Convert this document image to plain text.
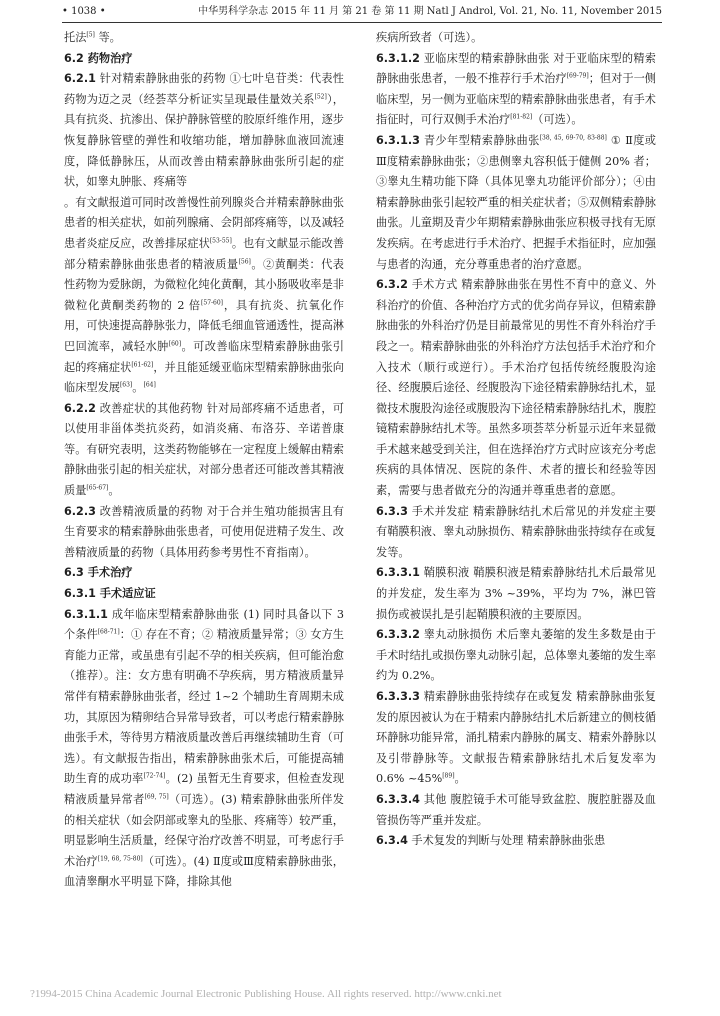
• 1038 •	中华男科学杂志 2015 年 11 月 第 21 卷 第 11 期 Natl J Androl, Vol. 21, No. 11, November 2015

托法[5] 等。

6.2 药物治疗

6.2.1 针对精索静脉曲张的药物 ①七叶皂苷类：代表性药物为迈之灵（经荟萃分析证实呈现最佳量效关系[52]），具有抗炎、抗渗出、保护静脉管壁的胶原纤维作用，逐步恢复静脉管壁的弹性和收缩功能，增加静脉血液回流速度，降低静脉压，从而改善由精索静脉曲张所引起的症状，如睾丸肿胀、疼痛等

。有文献报道可同时改善慢性前列腺炎合并精索静脉曲张患者的相关症状，如前列腺痛、会阴部疼痛等，以及减轻患者炎症反应，改善排尿症状[53-55]。也有文献显示能改善部分精索静脉曲张患者的精液质量[56]。②黄酮类：代表性药物为爱脉朗，为微粒化纯化黄酮，其小肠吸收率是非微粒化黄酮类药物的 2 倍[57-60]，具有抗炎、抗氧化作用，可快速提高静脉张力，降低毛细血管通透性，提高淋巴回流率，减轻水肿[60]。可改善临床型精索静脉曲张引起的疼痛症状[61-62]，并且能延缓亚临床型精索静脉曲张向临床型发展[63]。[64]

6.2.2 改善症状的其他药物 针对局部疼痛不适患者，可以使用非甾体类抗炎药，如消炎痛、布洛芬、辛诺普康等。有研究表明，这类药物能够在一定程度上缓解由精索静脉曲张引起的相关症状，对部分患者还可能改善其精液质量[65-67]。

6.2.3 改善精液质量的药物 对于合并生殖功能损害且有生育要求的精索静脉曲张患者，可使用促进精子发生、改善精液质量的药物（具体用药参考男性不育指南）。

6.3 手术治疗

6.3.1 手术适应证

6.3.1.1 成年临床型精索静脉曲张 (1) 同时具备以下 3 个条件[68-71]：① 存在不育；② 精液质量异常；③ 女方生育能力正常，或虽患有引起不孕的相关疾病，但可能治愈（推荐）。注：女方患有明确不孕疾病，男方精液质量异常伴有精索静脉曲张者，经过 1~2 个辅助生育周期未成功，其原因为精卵结合异常导致者，可以考虑行精索静脉曲张手术，等待男方精液质量改善后再继续辅助生育（可选）。有文献报告指出，精索静脉曲张术后，可能提高辅助生育的成功率[72-74]。(2) 虽暂无生育要求，但检查发现精液质量异常者[69, 75]（可选）。(3) 精索静脉曲张所伴发的相关症状（如会阴部或睾丸的坠胀、疼痛等）较严重，明显影响生活质量，经保守治疗改善不明显，可考虑行手术治疗[19, 68, 75-80]（可选）。(4) Ⅱ度或Ⅲ度精索静脉曲张，血清睾酮水平明显下降，排除其他

疾病所致者（可选）。

6.3.1.2 亚临床型的精索静脉曲张 对于亚临床型的精索静脉曲张患者，一般不推荐行手术治疗[69-79]；但对于一侧临床型，另一侧为亚临床型的精索静脉曲张患者，有手术指征时，可行双侧手术治疗[81-82]（可选）。

6.3.1.3 青少年型精索静脉曲张[38, 45, 69-70, 83-88] ① Ⅱ度或Ⅲ度精索静脉曲张；②患侧睾丸容积低于健侧 20% 者；③睾丸生精功能下降（具体见睾丸功能评价部分）；④由精索静脉曲张引起较严重的相关症状者；⑤双侧精索静脉曲张。儿童期及青少年期精索静脉曲张应积极寻找有无原发疾病。在考虑进行手术治疗、把握手术指征时，应加强与患者的沟通，充分尊重患者的治疗意愿。

6.3.2 手术方式 精索静脉曲张在男性不育中的意义、外科治疗的价值、各种治疗方式的优劣尚存异议，但精索静脉曲张的外科治疗仍是目前最常见的男性不育外科治疗手段之一。精索静脉曲张的外科治疗方法包括手术治疗和介入技术（顺行或逆行）。手术治疗包括传统经腹股沟途径、经腹膜后途径、经腹股沟下途径精索静脉结扎术，显微技术腹股沟途径或腹股沟下途径精索静脉结扎术，腹腔镜精索静脉结扎术等。虽然多项荟萃分析显示近年来显微手术越来越受到关注，但在选择治疗方式时应该充分考虑疾病的具体情况、医院的条件、术者的擅长和经验等因素，需要与患者做充分的沟通并尊重患者的意愿。

6.3.3 手术并发症 精索静脉结扎术后常见的并发症主要有鞘膜积液、睾丸动脉损伤、精索静脉曲张持续存在或复发等。

6.3.3.1 鞘膜积液 鞘膜积液是精索静脉结扎术后最常见的并发症，发生率为 3% ~39%，平均为 7%，淋巴管损伤或被误扎是引起鞘膜积液的主要原因。

6.3.3.2 睾丸动脉损伤 术后睾丸萎缩的发生多数是由于手术时结扎或损伤睾丸动脉引起，总体睾丸萎缩的发生率约为 0.2%。

6.3.3.3 精索静脉曲张持续存在或复发 精索静脉曲张复发的原因被认为在于精索内静脉结扎术后新建立的侧枝循环静脉功能异常，涌扎精索内静脉的属支、精索外静脉以及引带静脉等。文献报告精索静脉结扎术后复发率为 0.6% ~45%[89]。

6.3.3.4 其他 腹腔镜手术可能导致盆腔、腹腔脏器及血管损伤等严重并发症。

6.3.4 手术复发的判断与处理 精索静脉曲张患

?1994-2015 China Academic Journal Electronic Publishing House. All rights reserved. http://www.cnki.net
